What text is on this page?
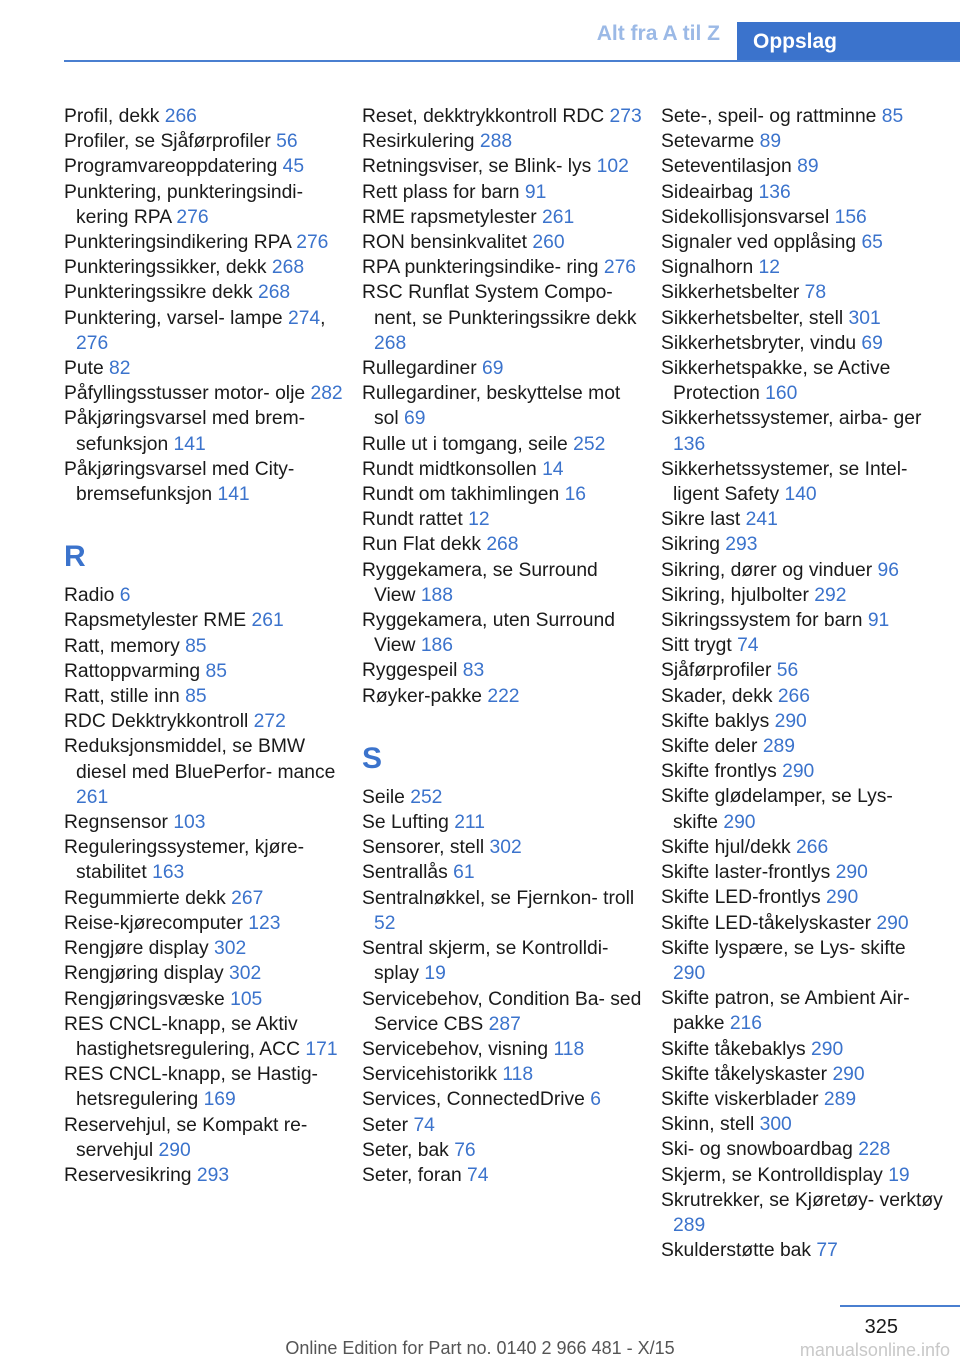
Alt fra A til Z	Oppslag
Profil, dekk 266
Profiler, se Sjåførprofiler 56
Programvareoppdatering 45
Punktering, punkteringsindi‐ kering RPA 276
Punkteringsindikering RPA 276
Punkteringssikker, dekk 268
Punkteringssikre dekk 268
Punktering, varsel‐ lampe 274, 276
Pute 82
Påfyllingsstusser motor‐ olje 282
Påkjøringsvarsel med brem‐ sefunksjon 141
Påkjøringsvarsel med City‐ bremsefunksjon 141
R
Radio 6
Rapsmetylester RME 261
Ratt, memory 85
Rattoppvarming 85
Ratt, stille inn 85
RDC Dekktrykkontroll 272
Reduksjonsmiddel, se BMW diesel med BluePerfor‐ mance 261
Regnsensor 103
Reguleringssystemer, kjøre‐ stabilitet 163
Regummierte dekk 267
Reise-kjørecomputer 123
Rengjøre display 302
Rengjøring display 302
Rengjøringsvæske 105
RES CNCL-knapp, se Aktiv hastighetsregulering, ACC 171
RES CNCL-knapp, se Hastig‐ hetsregulering 169
Reservehjul, se Kompakt re‐ servehjul 290
Reservesikring 293
Reset, dekktrykkontroll RDC 273
Resirkulering 288
Retningsviser, se Blink‐ lys 102
Rett plass for barn 91
RME rapsmetylester 261
RON bensinkvalitet 260
RPA punkteringsindike‐ ring 276
RSC Runflat System Compo‐ nent, se Punkteringssikre dekk 268
Rullegardiner 69
Rullegardiner, beskyttelse mot sol 69
Rulle ut i tomgang, seile 252
Rundt midtkonsollen 14
Rundt om takhimlingen 16
Rundt rattet 12
Run Flat dekk 268
Ryggekamera, se Surround View 188
Ryggekamera, uten Surround View 186
Ryggespeil 83
Røyker-pakke 222
S
Seile 252
Se Lufting 211
Sensorer, stell 302
Sentrallås 61
Sentralnøkkel, se Fjernkon‐ troll 52
Sentral skjerm, se Kontrolldi‐ splay 19
Servicebehov, Condition Ba‐ sed Service CBS 287
Servicebehov, visning 118
Servicehistorikk 118
Services, ConnectedDrive 6
Seter 74
Seter, bak 76
Seter, foran 74
Sete-, speil- og rattminne 85
Setevarme 89
Seteventilasjon 89
Sideairbag 136
Sidekollisjonsvarsel 156
Signaler ved opplåsing 65
Signalhorn 12
Sikkerhetsbelter 78
Sikkerhetsbelter, stell 301
Sikkerhetsbryter, vindu 69
Sikkerhetspakke, se Active Protection 160
Sikkerhetssystemer, airba‐ ger 136
Sikkerhetssystemer, se Intel‐ ligent Safety 140
Sikre last 241
Sikring 293
Sikring, dører og vinduer 96
Sikring, hjulbolter 292
Sikringssystem for barn 91
Sitt trygt 74
Sjåførprofiler 56
Skader, dekk 266
Skifte baklys 290
Skifte deler 289
Skifte frontlys 290
Skifte glødelamper, se Lys‐ skifte 290
Skifte hjul/dekk 266
Skifte laster-frontlys 290
Skifte LED-frontlys 290
Skifte LED-tåkelyskaster 290
Skifte lyspære, se Lys‐ skifte 290
Skifte patron, se Ambient Air- pakke 216
Skifte tåkebaklys 290
Skifte tåkelyskaster 290
Skifte viskerblader 289
Skinn, stell 300
Ski- og snowboardbag 228
Skjerm, se Kontrolldisplay 19
Skrutrekker, se Kjøretøy‐ verktøy 289
Skulderstøtte bak 77
325
Online Edition for Part no. 0140 2 966 481 - X/15	manualsonline.info
